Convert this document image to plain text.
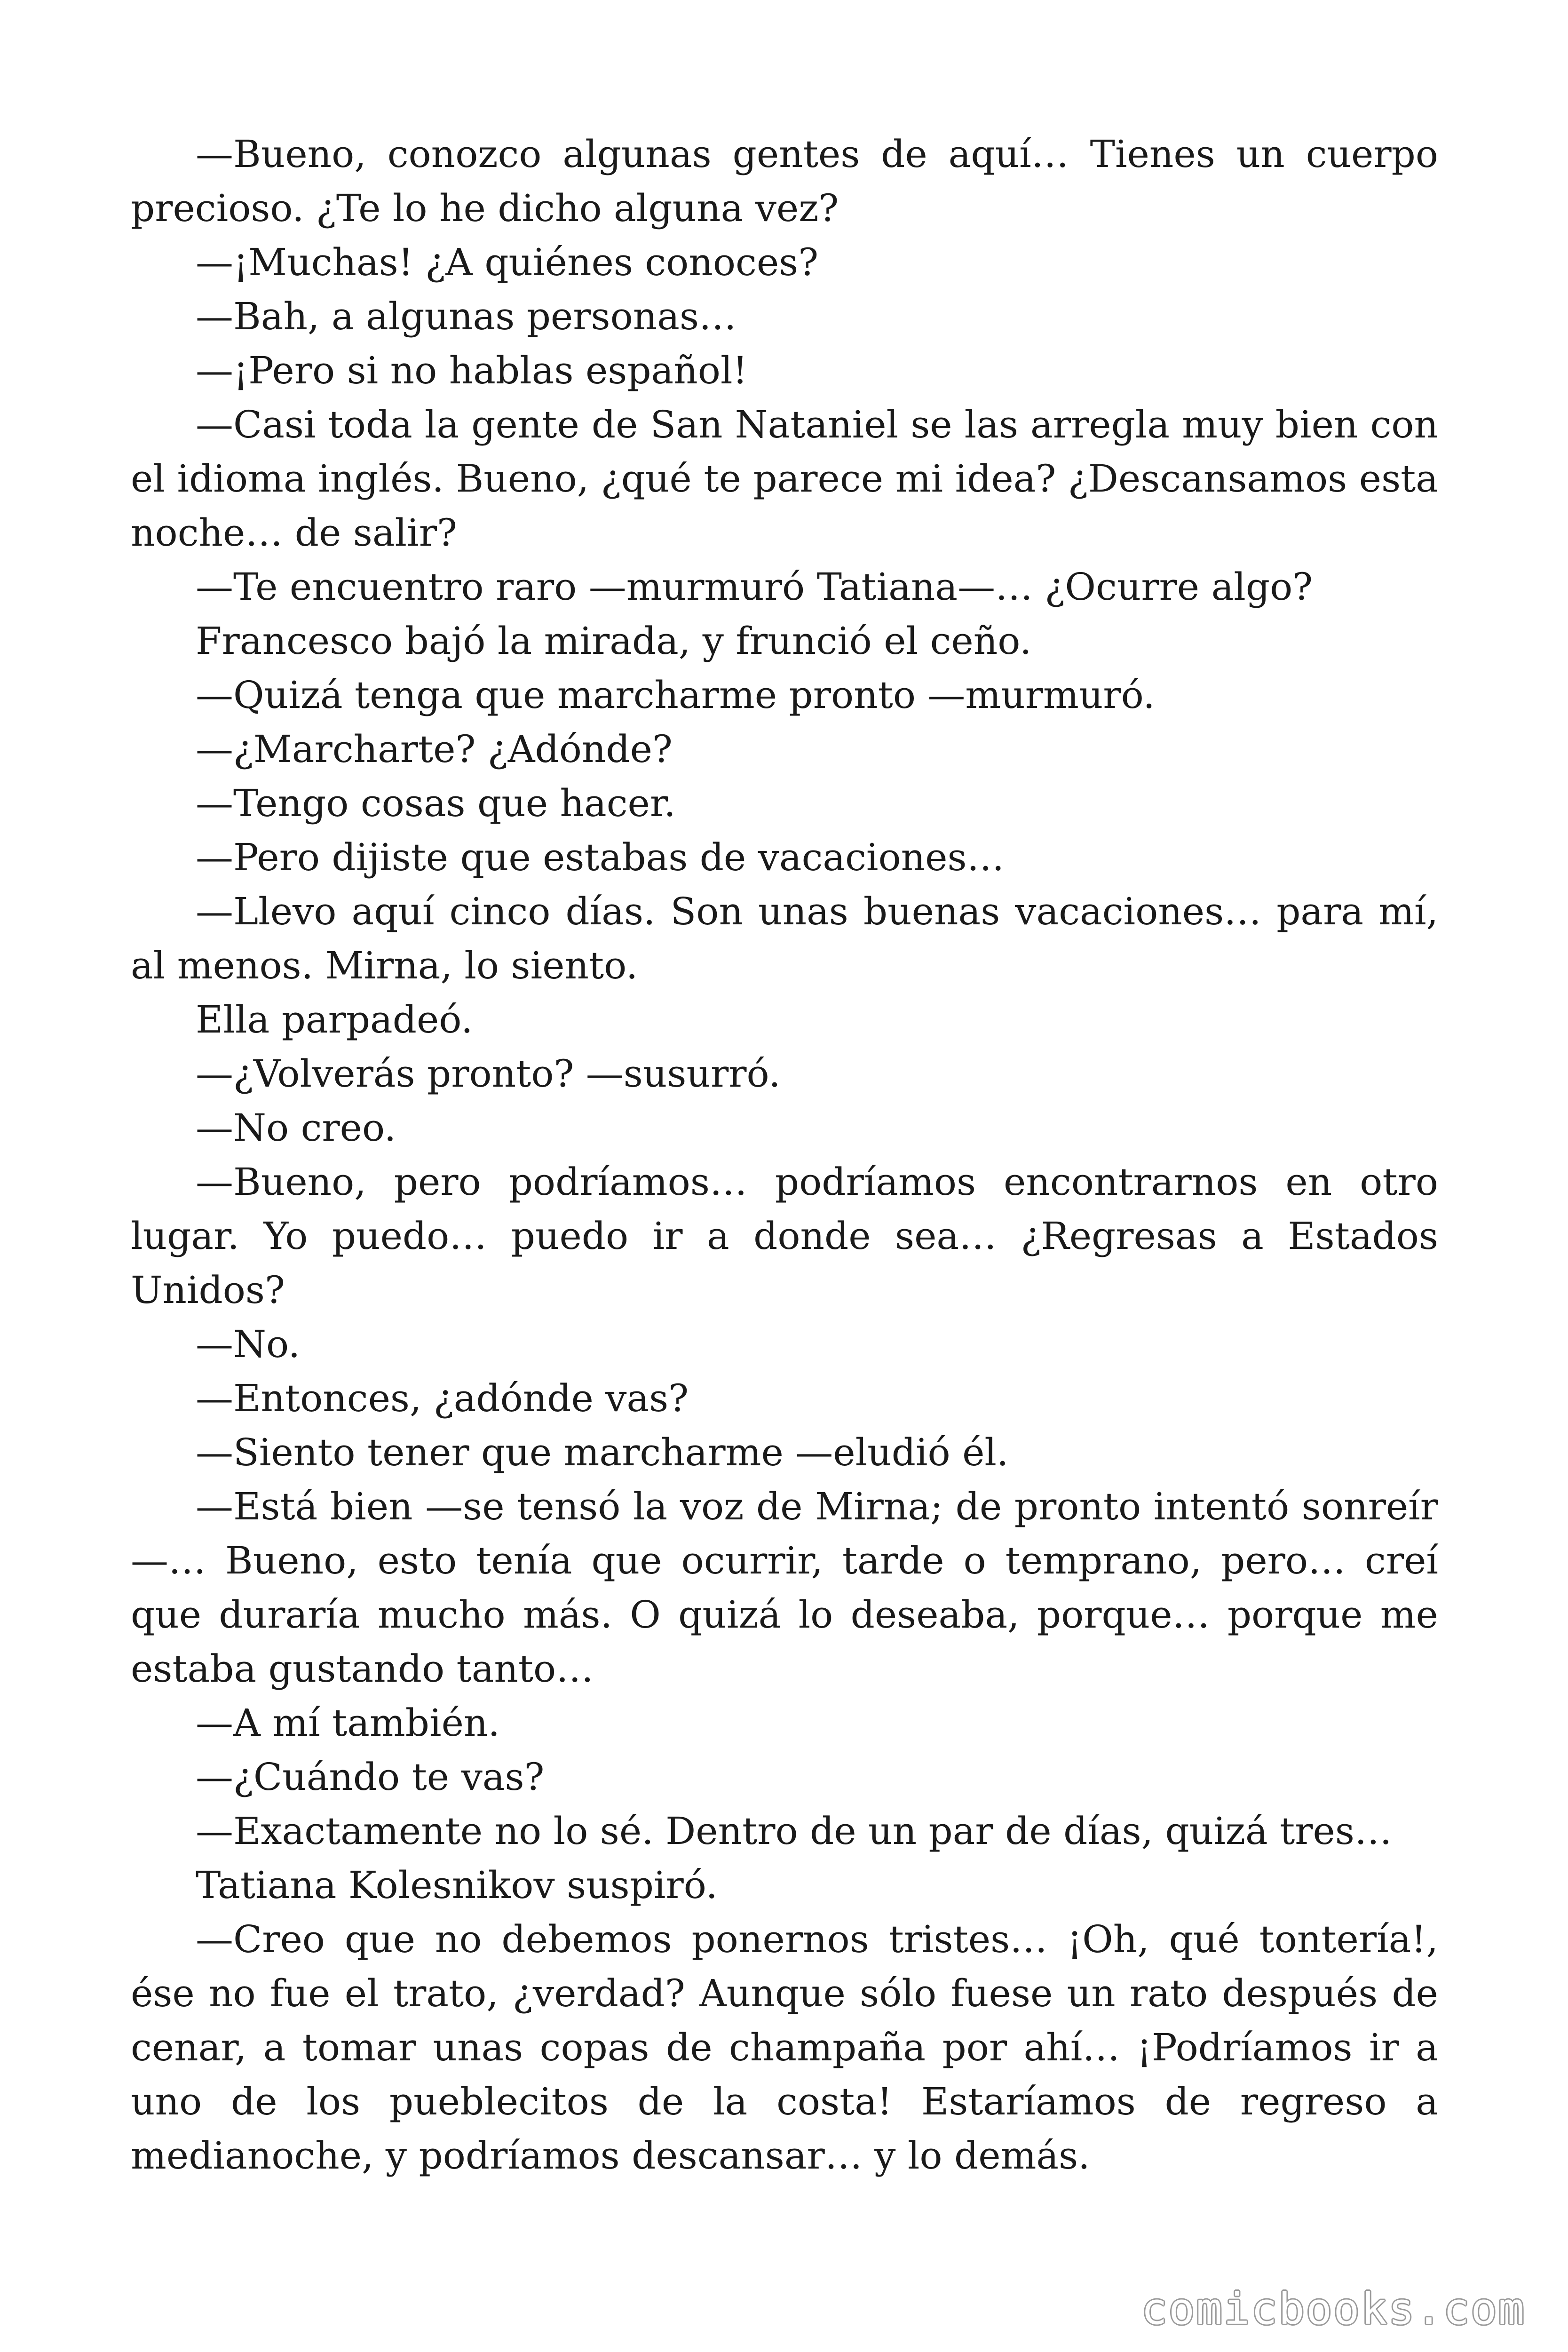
—Bueno, conozco algunas gentes de aquí… Tienes un cuerpo precioso. ¿Te lo he dicho alguna vez?

—¡Muchas! ¿A quiénes conoces?

—Bah, a algunas personas…

—¡Pero si no hablas español!

—Casi toda la gente de San Nataniel se las arregla muy bien con el idioma inglés. Bueno, ¿qué te parece mi idea? ¿Descansamos esta noche… de salir?

—Te encuentro raro —murmuró Tatiana—… ¿Ocurre algo?

Francesco bajó la mirada, y frunció el ceño.

—Quizá tenga que marcharme pronto —murmuró.

—¿Marcharte? ¿Adónde?

—Tengo cosas que hacer.

—Pero dijiste que estabas de vacaciones…

—Llevo aquí cinco días. Son unas buenas vacaciones… para mí, al menos. Mirna, lo siento.

Ella parpadeó.

—¿Volverás pronto? —susurró.

—No creo.

—Bueno, pero podríamos… podríamos encontrarnos en otro lugar. Yo puedo… puedo ir a donde sea… ¿Regresas a Estados Unidos?

—No.

—Entonces, ¿adónde vas?

—Siento tener que marcharme —eludió él.

—Está bien —se tensó la voz de Mirna; de pronto intentó sonreír —… Bueno, esto tenía que ocurrir, tarde o temprano, pero… creí que duraría mucho más. O quizá lo deseaba, porque… porque me estaba gustando tanto…

—A mí también.

—¿Cuándo te vas?

—Exactamente no lo sé. Dentro de un par de días, quizá tres…

Tatiana Kolesnikov suspiró.

—Creo que no debemos ponernos tristes… ¡Oh, qué tontería!, ése no fue el trato, ¿verdad? Aunque sólo fuese un rato después de cenar, a tomar unas copas de champaña por ahí… ¡Podríamos ir a uno de los pueblecitos de la costa! Estaríamos de regreso a medianoche, y podríamos descansar… y lo demás.

comicbooks.com
